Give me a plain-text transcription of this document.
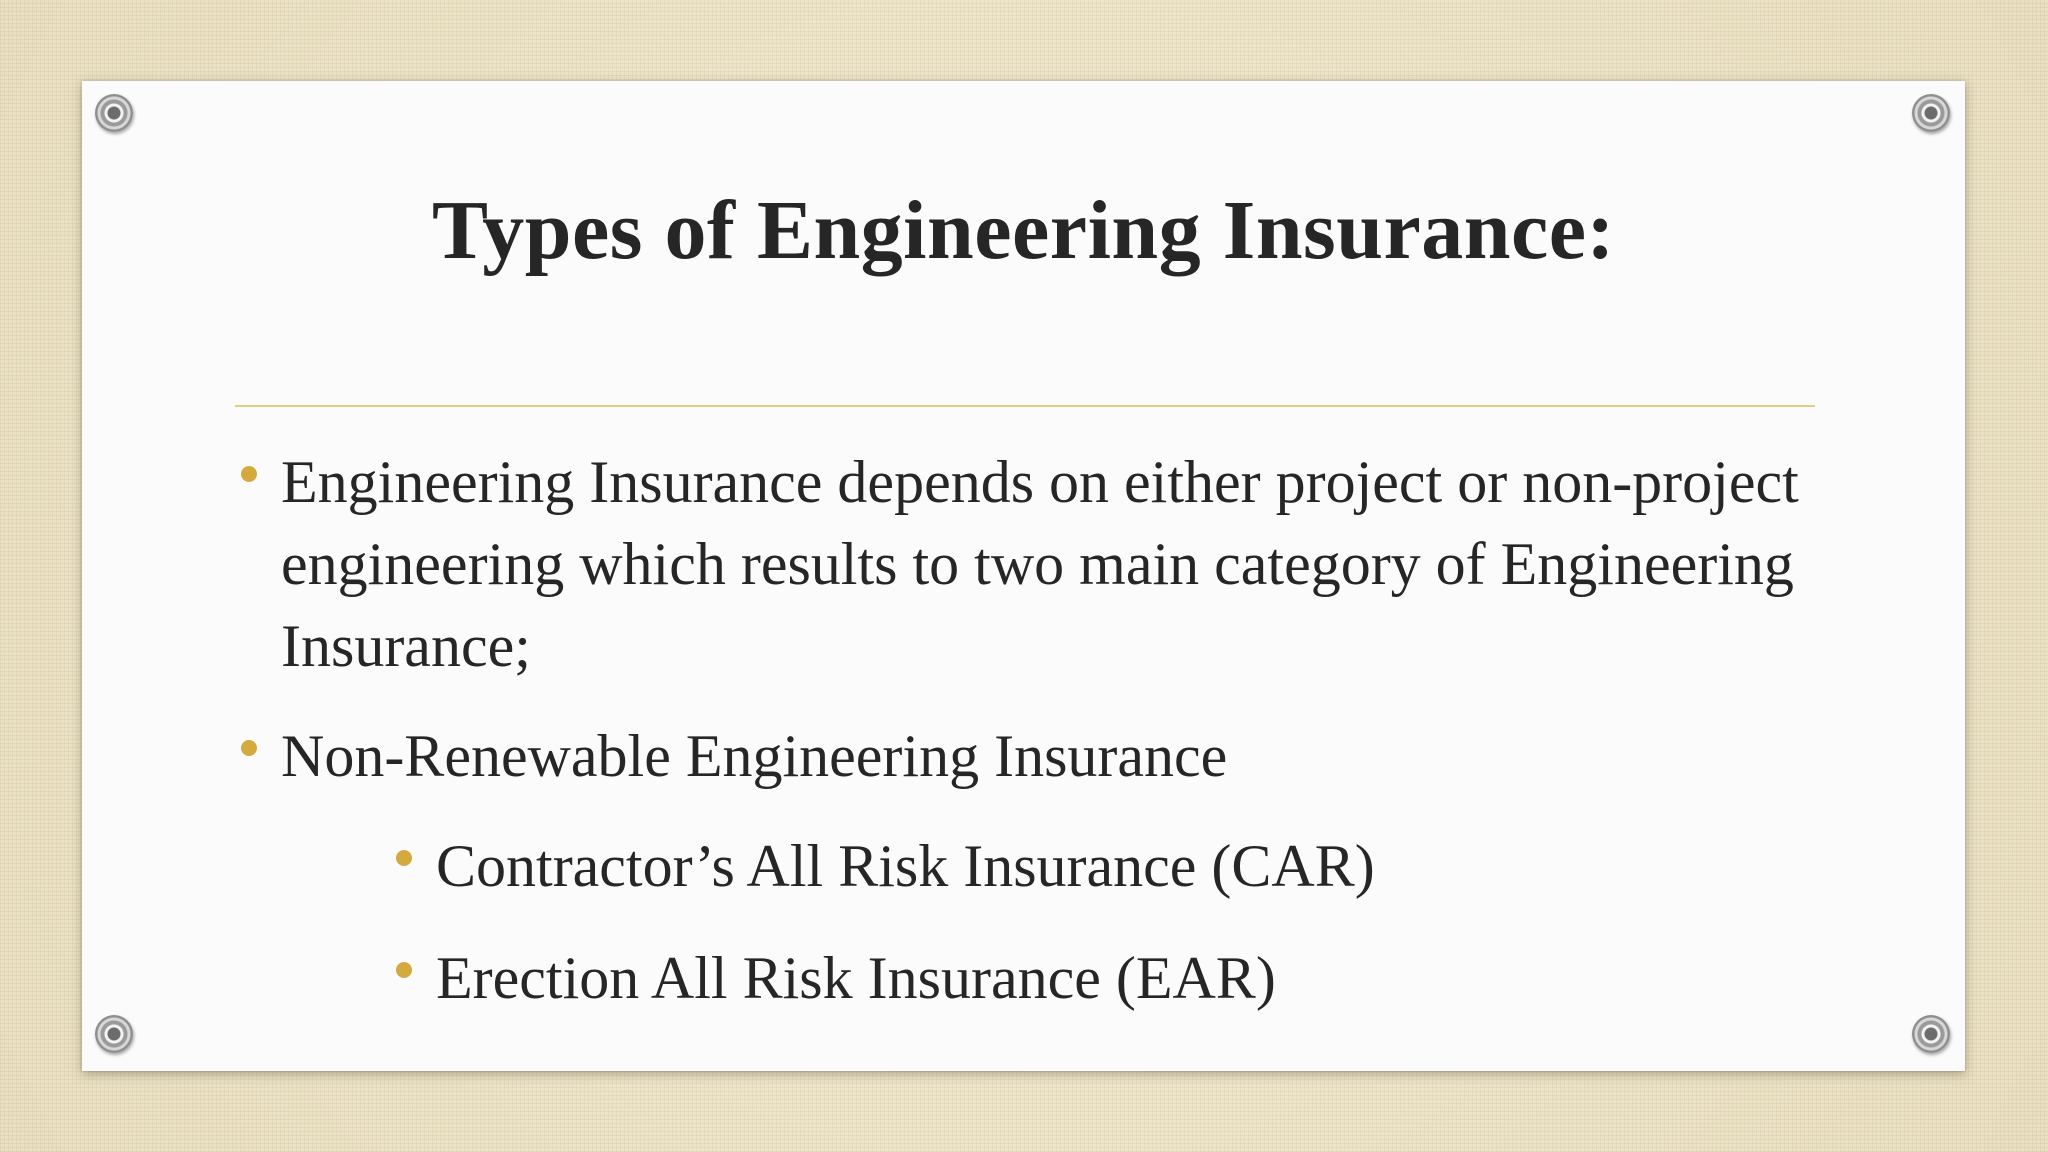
Types of Engineering Insurance:
Engineering Insurance depends on either project or non-project engineering which results to two main category of Engineering Insurance;
Non-Renewable Engineering Insurance
Contractor’s All Risk Insurance (CAR)
Erection All Risk Insurance (EAR)
